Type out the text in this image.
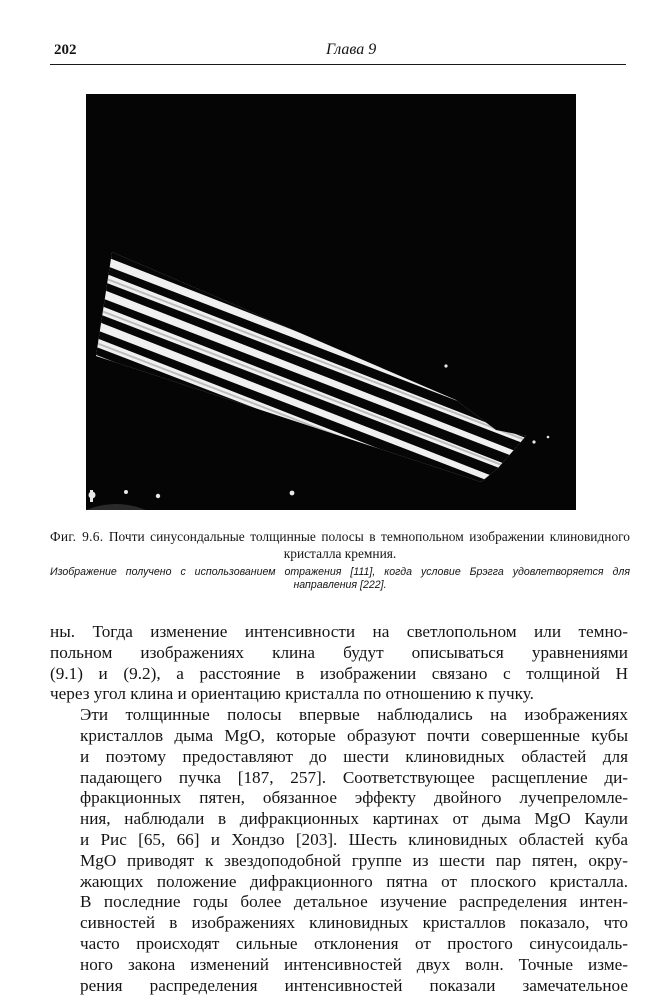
202	Глава 9
Фиг. 9.6. Почти синусондальные толщинные полосы в темнопольном изображении клиновидного кристалла кремния.
Изображение получено с использованием отражения [111], когда условие Брэгга удовлетворяется для направления [222].

ны. Тогда изменение интенсивности на светлопольном или темно-
польном изображениях клина будут описываться уравнениями
(9.1) и (9.2), а расстояние в изображении связано с толщиной H
через угол клина и ориентацию кристалла по отношению к пучку.

Эти толщинные полосы впервые наблюдались на изображениях
кристаллов дыма MgO, которые образуют почти совершенные кубы
и поэтому предоставляют до шести клиновидных областей для
падающего пучка [187, 257]. Соответствующее расщепление ди-
фракционных пятен, обязанное эффекту двойного лучепреломле-
ния, наблюдали в дифракционных картинах от дыма MgO Каули
и Рис [65, 66] и Хондзо [203]. Шесть клиновидных областей куба
MgO приводят к звездоподобной группе из шести пар пятен, окру-
жающих положение дифракционного пятна от плоского кристалла.
В последние годы более детальное изучение распределения интен-
сивностей в изображениях клиновидных кристаллов показало, что
часто происходят сильные отклонения от простого синусоидаль-
ного закона изменений интенсивностей двух волн. Точные изме-
рения распределения интенсивностей показали замечательное
